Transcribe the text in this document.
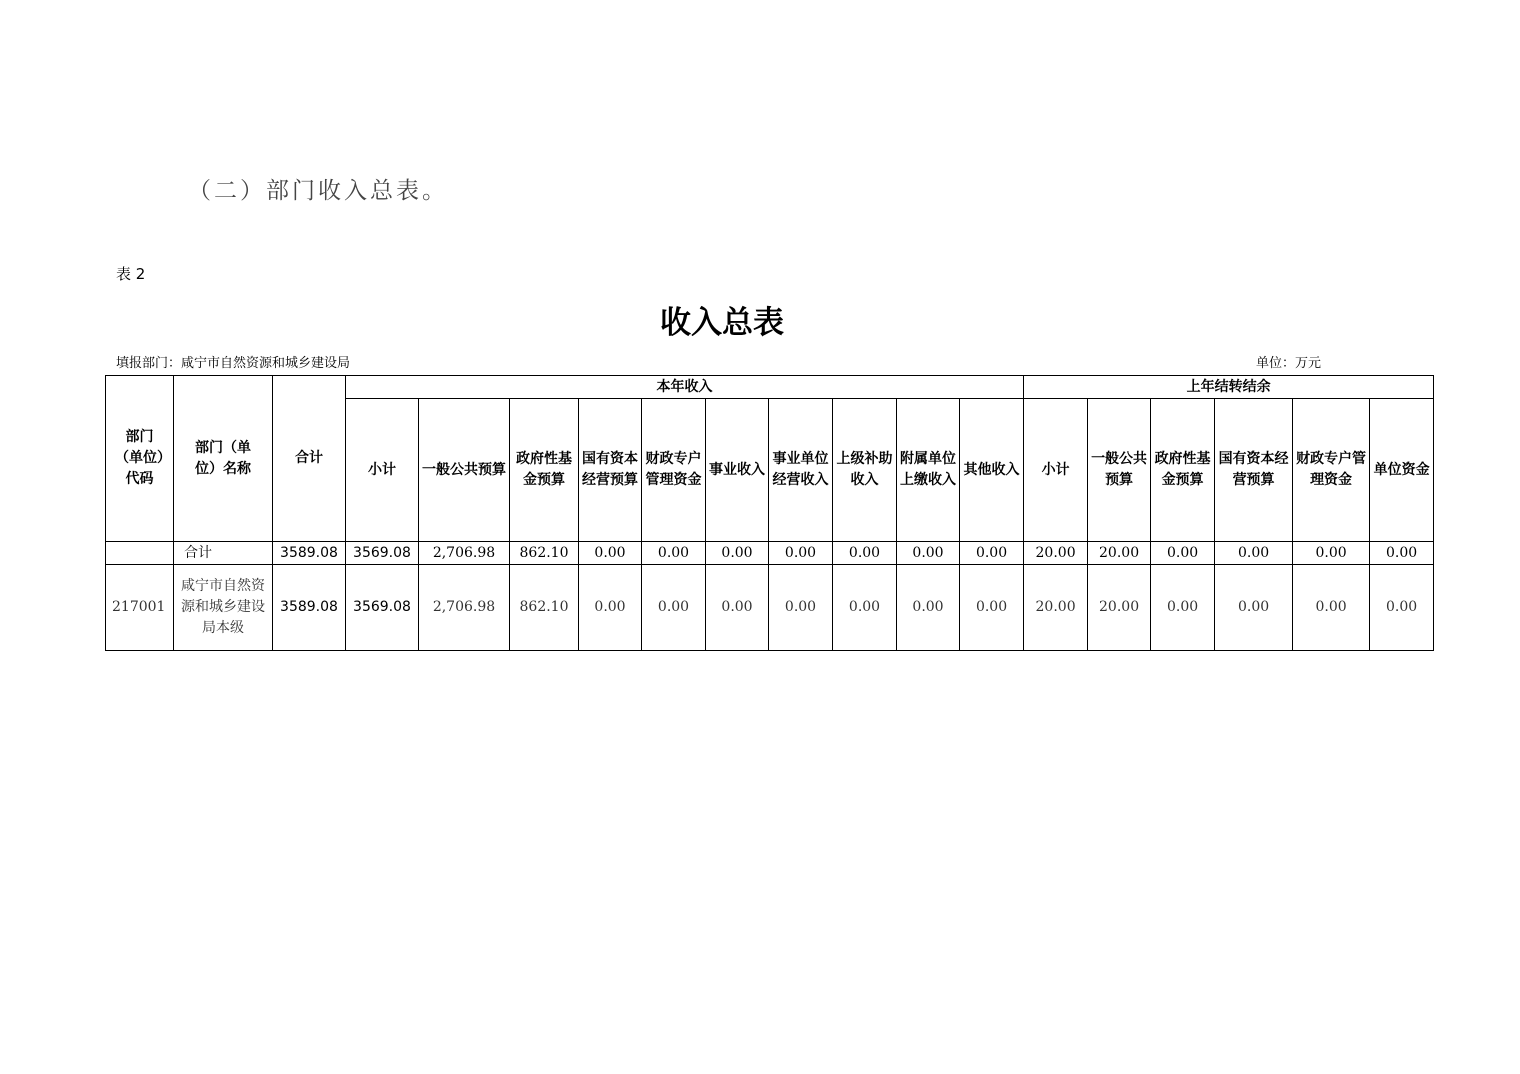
（二）部门收入总表。
表 2
收入总表
填报部门：咸宁市自然资源和城乡建设局	单位：万元
部门（单位）代码	部门（单位）名称	合计	本年收入										上年结转结余					
			小计	一般公共预算	政府性基金预算	国有资本经营预算	财政专户管理资金	事业收入	事业单位经营收入	上级补助收入	附属单位上缴收入	其他收入	小计	一般公共预算	政府性基金预算	国有资本经营预算	财政专户管理资金	单位资金
	合计	3589.08	3569.08	2,706.98	862.10	0.00	0.00	0.00	0.00	0.00	0.00	0.00	20.00	20.00	0.00	0.00	0.00	0.00
217001	咸宁市自然资源和城乡建设局本级	3589.08	3569.08	2,706.98	862.10	0.00	0.00	0.00	0.00	0.00	0.00	0.00	20.00	20.00	0.00	0.00	0.00	0.00
